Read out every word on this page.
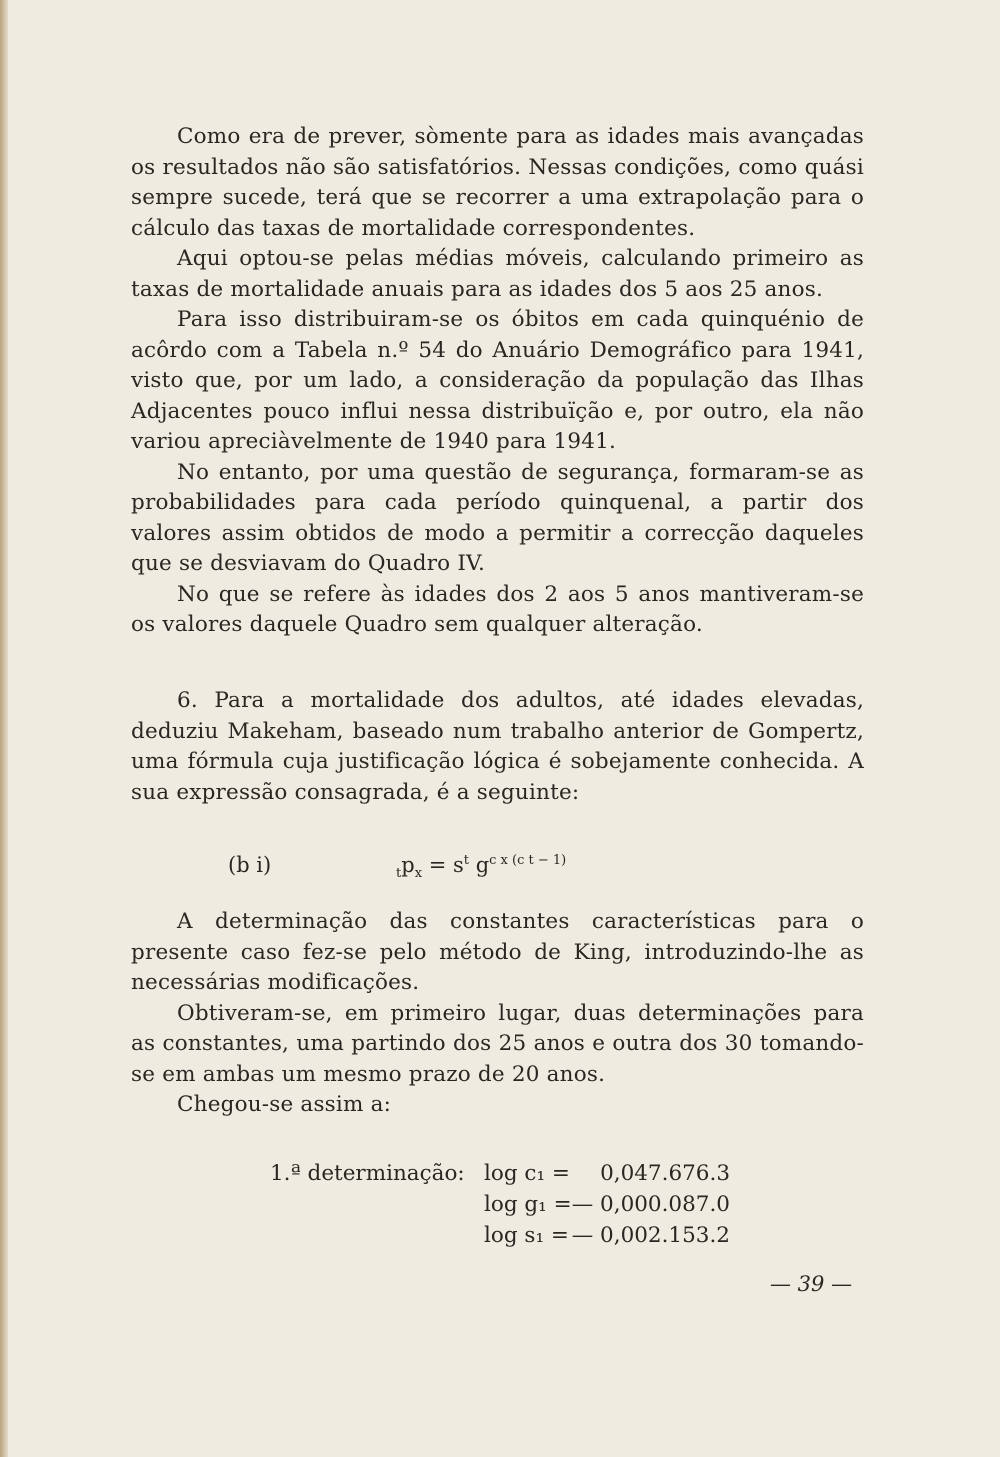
Como era de prever, sòmente para as idades mais avançadas os resultados não são satisfatórios. Nessas condições, como quási sempre sucede, terá que se recorrer a uma extrapolação para o cálculo das taxas de mortalidade correspondentes.

Aqui optou-se pelas médias móveis, calculando primeiro as taxas de mortalidade anuais para as idades dos 5 aos 25 anos.

Para isso distribuiram-se os óbitos em cada quinquénio de acôrdo com a Tabela n.º 54 do Anuário Demográfico para 1941, visto que, por um lado, a consideração da população das Ilhas Adjacentes pouco influi nessa distribuïção e, por outro, ela não variou apreciàvelmente de 1940 para 1941.

No entanto, por uma questão de segurança, formaram-se as probabilidades para cada período quinquenal, a partir dos valores assim obtidos de modo a permitir a correcção daqueles que se desviavam do Quadro IV.

No que se refere às idades dos 2 aos 5 anos mantiveram-se os valores daquele Quadro sem qualquer alteração.

6. Para a mortalidade dos adultos, até idades elevadas, deduziu Makeham, baseado num trabalho anterior de Gompertz, uma fórmula cuja justificação lógica é sobejamente conhecida. A sua expressão consagrada, é a seguinte:

(b i)	$_tp_x = s^t$ $g^{c x (c t - 1)}$

A determinação das constantes características para o presente caso fez-se pelo método de King, introduzindo-lhe as necessárias modificações.

Obtiveram-se, em primeiro lugar, duas determinações para as constantes, uma partindo dos 25 anos e outra dos 30 tomando-se em ambas um mesmo prazo de 20 anos.

Chegou-se assim a:

1.ª determinação: log c₁ = 0,047.676.3
log g₁ = — 0,000.087.0
log s₁ = — 0,002.153.2
— 39 —
